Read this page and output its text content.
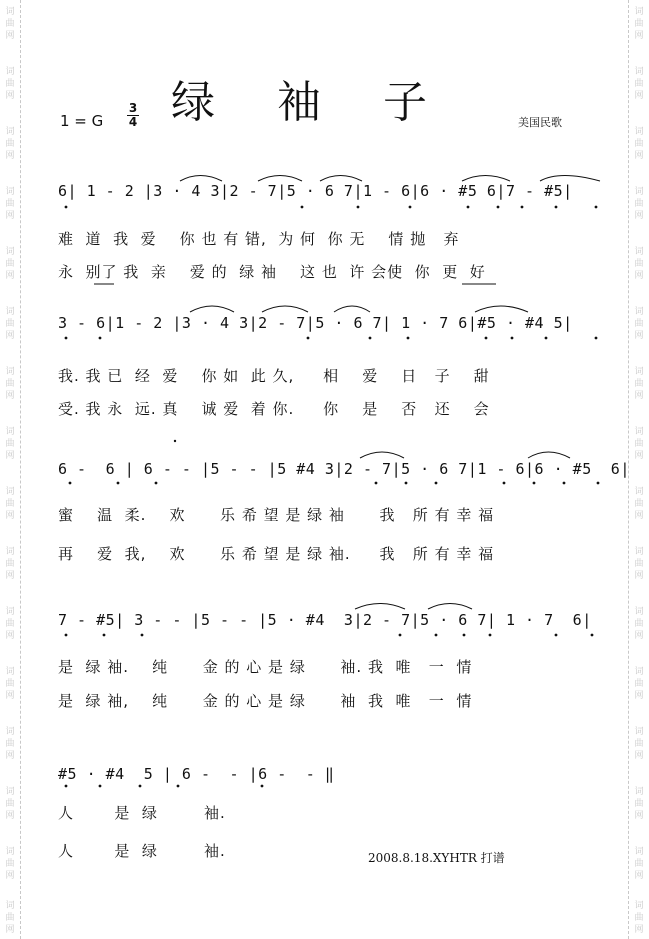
词
曲
网
词
曲
网
词
曲
网
词
曲
网
词
曲
网
词
曲
网
词
曲
网
词
曲
网
词
曲
网
词
曲
网
词
曲
网
词
曲
网
词
曲
网
词
曲
网
词
曲
网
词
曲
网
词
曲
网
词
曲
网
词
曲
网
词
曲
网
词
曲
网
词
曲
网
词
曲
网
词
曲
网
词
曲
网
词
曲
网
词
曲
网
词
曲
网
词
曲
网
词
曲
网
词
曲
网
词
曲
网
绿袖子
1 = G
3
4	美国民歌
6| 1 - 2 |3 · 4 3|2 - 7|5 · 6 7|1 - 6|6 · #5 6|7 - #5|
难  道  我  爱    你 也 有 错,  为 何  你 无    情 抛   弃
永  别了 我  亲    爱 的  绿 袖    这 也  许 会使  你  更  好
3 - 6|1 - 2 |3 · 4 3|2 - 7|5 · 6 7| 1 · 7 6|#5 · #4 5|
我. 我 已  经  爱    你 如  此 久,     相    爱    日   子    甜
受. 我 永  远. 真    诚 爱  着 你.     你    是    否   还    会
6 -  6 | 6 - - |5 - - |5 #4 3|2 - 7|5 · 6 7|1 - 6|6 · #5  6|
蜜    温  柔.    欢      乐 希 望 是 绿 袖      我   所 有 幸 福
再    爱  我,    欢      乐 希 望 是 绿 袖.     我   所 有 幸 福
7 - #5| 3 - - |5 - - |5 · #4  3|2 - 7|5 · 6 7| 1 · 7  6|
是  绿 袖.    纯      金 的 心 是 绿      袖. 我  唯   一  情
是  绿 袖,    纯      金 的 心 是 绿      袖  我  唯   一  情
#5 · #4  5 | 6 -  - |6 -  - ‖
人       是  绿        袖.
人       是  绿        袖.	2008.8.18.XYHTR 打谱
